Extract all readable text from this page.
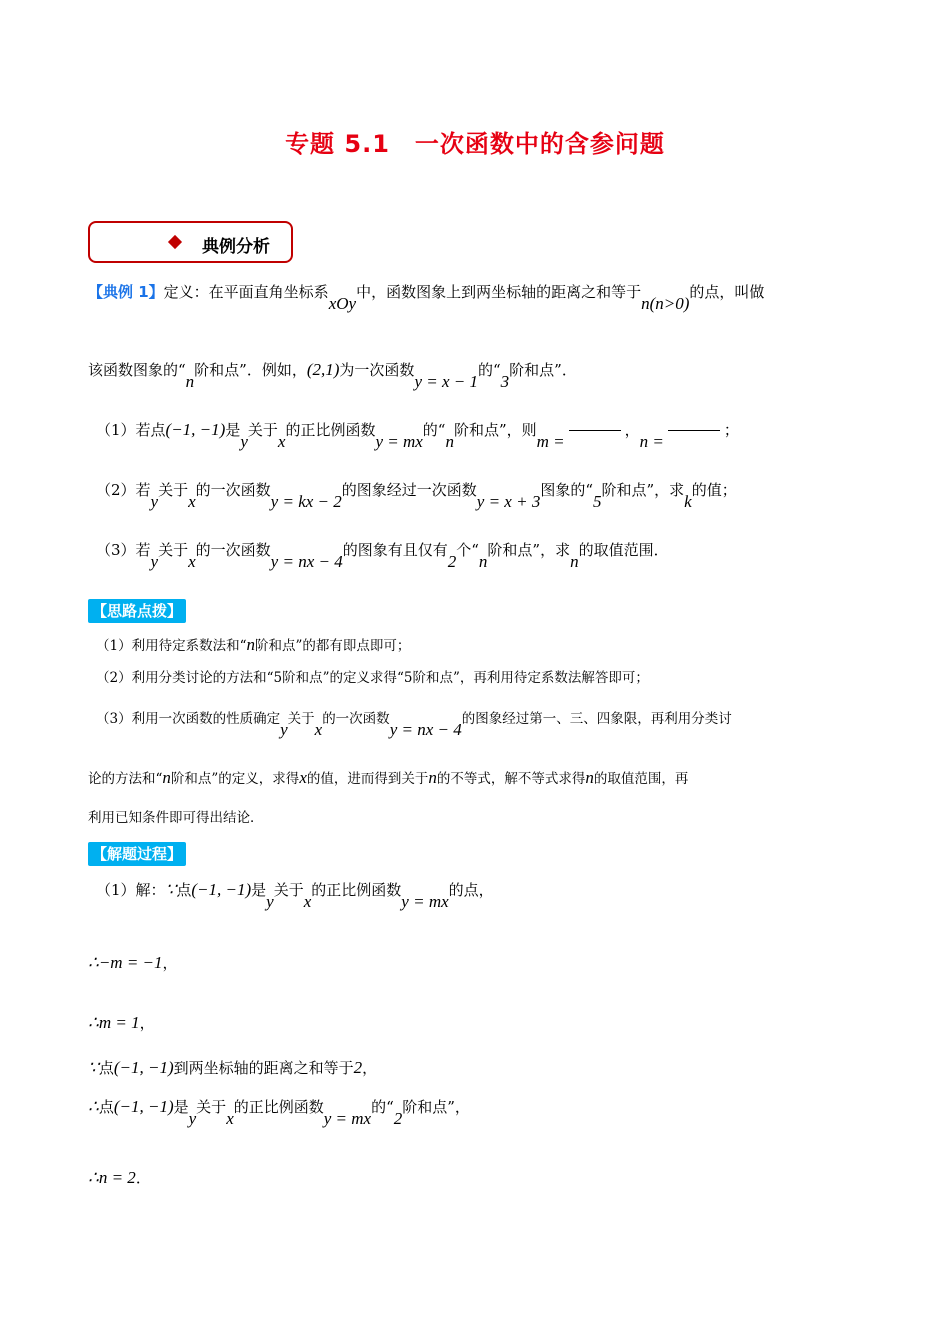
专题 5.1　一次函数中的含参问题
典例分析
【典例 1】定义：在平面直角坐标系xOy中，函数图象上到两坐标轴的距离之和等于n(n>0)的点，叫做
该函数图象的“n阶和点”．例如，(2,1)为一次函数y = x − 1的“3阶和点”．
（1）若点(−1, −1)是y关于x的正比例函数y = mx的“n阶和点”，则m =，n =；
（2）若y关于x的一次函数y = kx − 2的图象经过一次函数y = x + 3图象的“5阶和点”，求k的值；
（3）若y关于x的一次函数y = nx − 4的图象有且仅有2个“n阶和点”，求n的取值范围．
【思路点拨】
（1）利用待定系数法和“n阶和点”的都有即点即可；
（2）利用分类讨论的方法和“5阶和点”的定义求得“5阶和点”，再利用待定系数法解答即可；
（3）利用一次函数的性质确定y关于x的一次函数y = nx − 4的图象经过第一、三、四象限，再利用分类讨
论的方法和“n阶和点”的定义，求得x的值，进而得到关于n的不等式，解不等式求得n的取值范围，再
利用已知条件即可得出结论．
【解题过程】
（1）解：∵点(−1, −1)是y关于x的正比例函数y = mx的点，
∴−m = −1，
∴m = 1，
∵点(−1, −1)到两坐标轴的距离之和等于2，
∴点(−1, −1)是y关于x的正比例函数y = mx的“2阶和点”，
∴n = 2．
